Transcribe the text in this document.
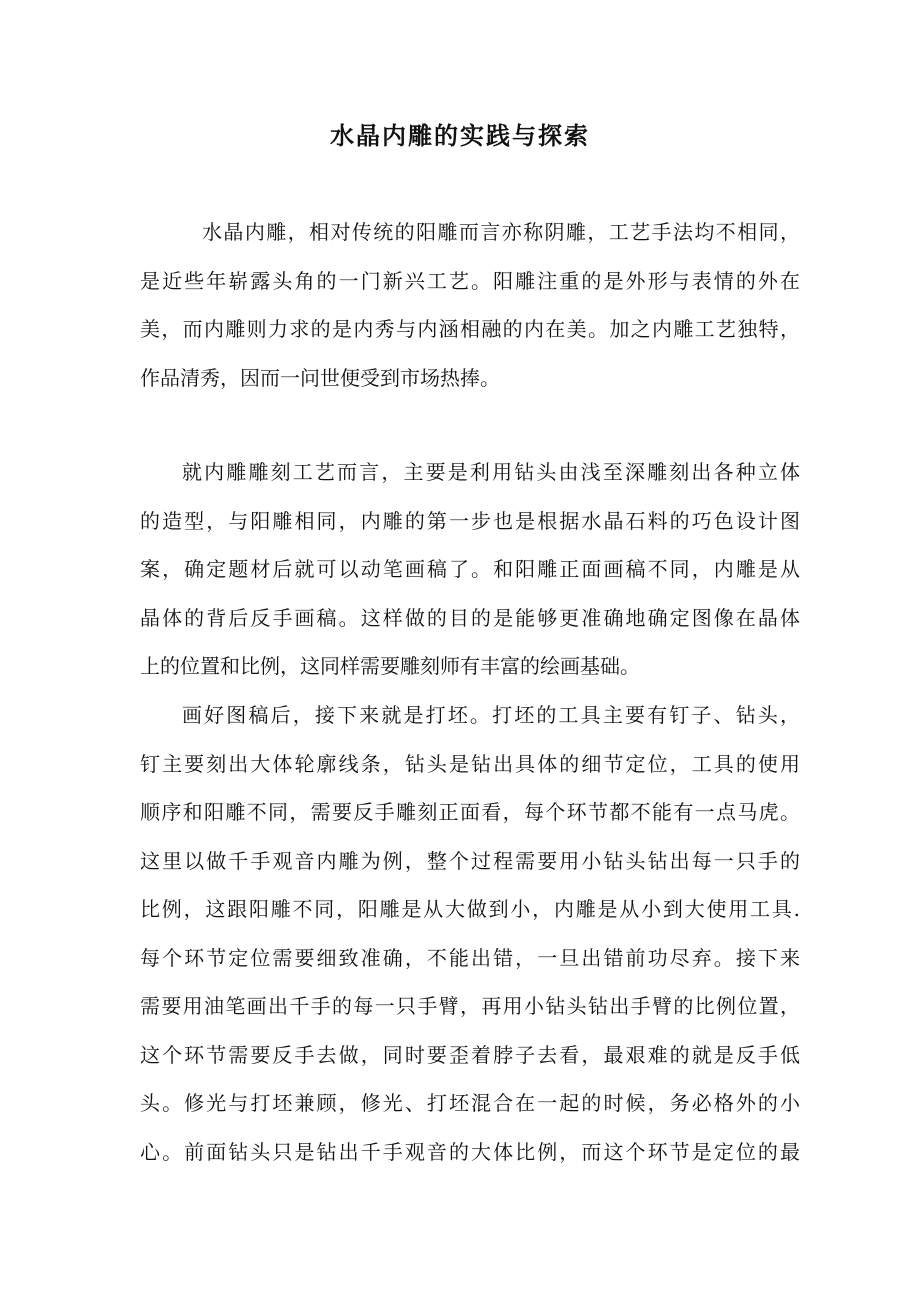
水晶内雕的实践与探索
水晶内雕，相对传统的阳雕而言亦称阴雕，工艺手法均不相同，
是近些年崭露头角的一门新兴工艺。阳雕注重的是外形与表情的外在
美，而内雕则力求的是内秀与内涵相融的内在美。加之内雕工艺独特，
作品清秀，因而一问世便受到市场热捧。
就内雕雕刻工艺而言，主要是利用钻头由浅至深雕刻出各种立体
的造型，与阳雕相同，内雕的第一步也是根据水晶石料的巧色设计图
案，确定题材后就可以动笔画稿了。和阳雕正面画稿不同，内雕是从
晶体的背后反手画稿。这样做的目的是能够更准确地确定图像在晶体
上的位置和比例，这同样需要雕刻师有丰富的绘画基础。
画好图稿后，接下来就是打坯。打坯的工具主要有钉子、钻头，
钉主要刻出大体轮廓线条，钻头是钻出具体的细节定位，工具的使用
顺序和阳雕不同，需要反手雕刻正面看，每个环节都不能有一点马虎。
这里以做千手观音内雕为例，整个过程需要用小钻头钻出每一只手的
比例，这跟阳雕不同，阳雕是从大做到小，内雕是从小到大使用工具.
每个环节定位需要细致准确，不能出错，一旦出错前功尽弃。接下来
需要用油笔画出千手的每一只手臂，再用小钻头钻出手臂的比例位置，
这个环节需要反手去做，同时要歪着脖子去看，最艰难的就是反手低
头。修光与打坯兼顾，修光、打坯混合在一起的时候，务必格外的小
心。前面钻头只是钻出千手观音的大体比例，而这个环节是定位的最
